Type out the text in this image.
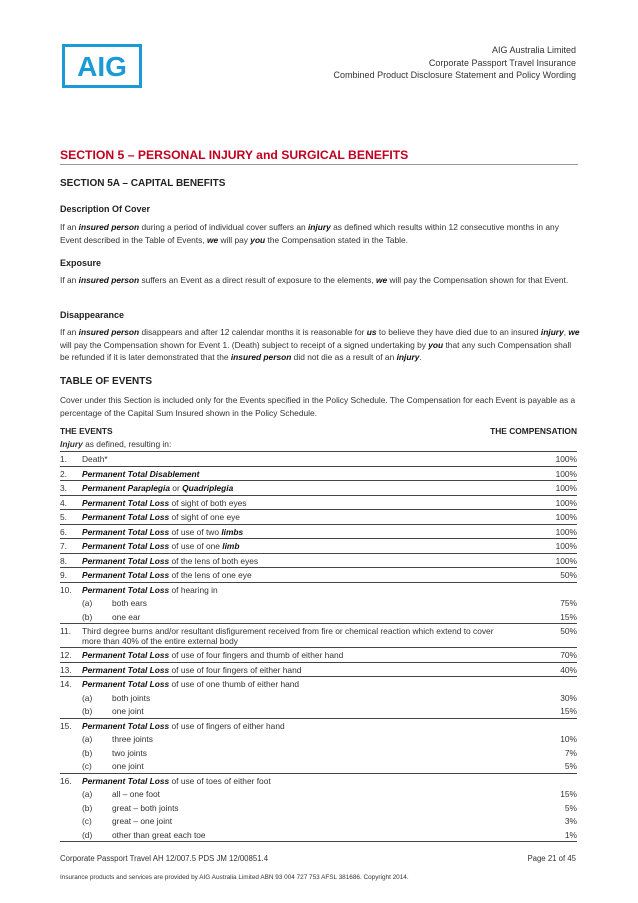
AIG
AIG Australia Limited
Corporate Passport Travel Insurance
Combined Product Disclosure Statement and Policy Wording
SECTION 5 – PERSONAL INJURY and SURGICAL BENEFITS
SECTION 5A – CAPITAL BENEFITS
Description Of Cover
If an insured person during a period of individual cover suffers an injury as defined which results within 12 consecutive months in any Event described in the Table of Events, we will pay you the Compensation stated in the Table.
Exposure
If an insured person suffers an Event as a direct result of exposure to the elements, we will pay the Compensation shown for that Event.
Disappearance
If an insured person disappears and after 12 calendar months it is reasonable for us to believe they have died due to an insured injury, we will pay the Compensation shown for Event 1. (Death) subject to receipt of a signed undertaking by you that any such Compensation shall be refunded if it is later demonstrated that the insured person did not die as a result of an injury.
TABLE OF EVENTS
Cover under this Section is included only for the Events specified in the Policy Schedule. The Compensation for each Event is payable as a percentage of the Capital Sum Insured shown in the Policy Schedule.
THE EVENTS	THE COMPENSATION
Injury as defined, resulting in:
1. Death*	100%
2. Permanent Total Disablement	100%
3. Permanent Paraplegia or Quadriplegia	100%
4. Permanent Total Loss of sight of both eyes	100%
5. Permanent Total Loss of sight of one eye	100%
6. Permanent Total Loss of use of two limbs	100%
7. Permanent Total Loss of use of one limb	100%
8. Permanent Total Loss of the lens of both eyes	100%
9. Permanent Total Loss of the lens of one eye	50%
10. Permanent Total Loss of hearing in
(a) both ears	75%
(b) one ear	15%
11. Third degree burns and/or resultant disfigurement received from fire or chemical reaction which extend to cover more than 40% of the entire external body
50%
12. Permanent Total Loss of use of four fingers and thumb of either hand	70%
13. Permanent Total Loss of use of four fingers of either hand	40%
14. Permanent Total Loss of use of one thumb of either hand
(a) both joints	30%
(b) one joint	15%
15. Permanent Total Loss of use of fingers of either hand
(a) three joints	10%
(b) two joints	7%
(c) one joint	5%
16. Permanent Total Loss of use of toes of either foot
(a) all – one foot	15%
(b) great – both joints	5%
(c) great – one joint	3%
(d) other than great each toe	1%
Corporate Passport Travel AH 12/007.5 PDS JM 12/00851.4	Page 21 of 45
Insurance products and services are provided by AIG Australia Limited ABN 93 004 727 753 AFSL 381686. Copyright 2014.
